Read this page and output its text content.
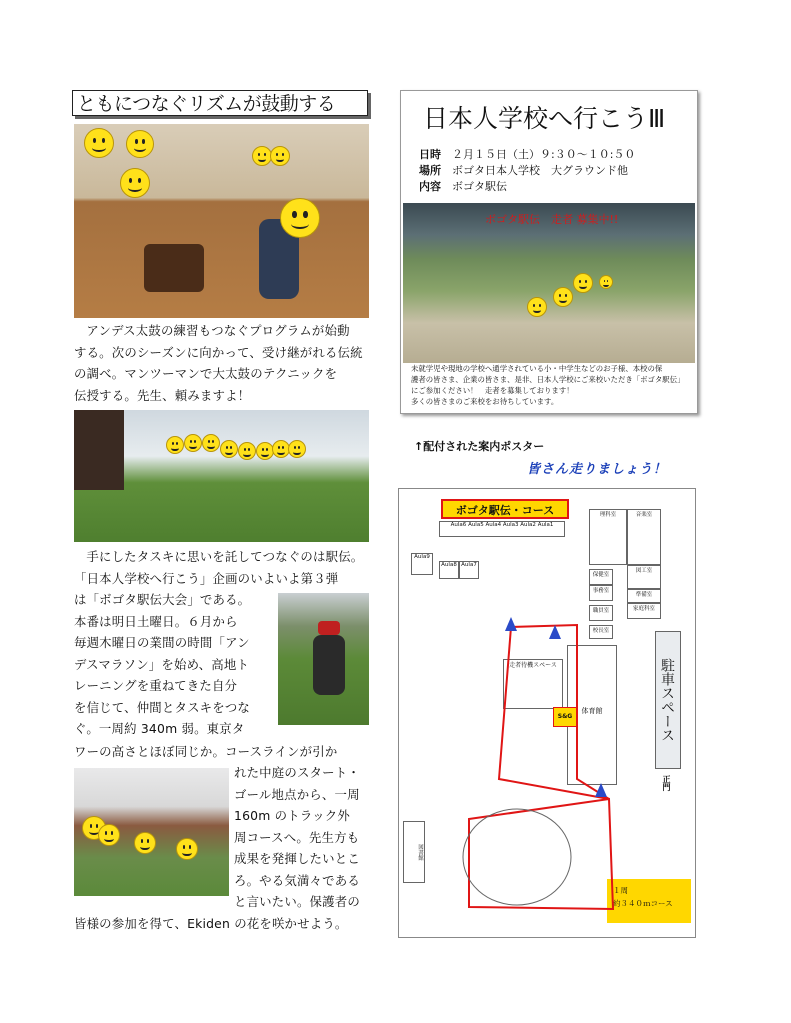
ともにつなぐリズムが鼓動する
アンデス太鼓の練習もつなぐプログラムが始動
する。次のシーズンに向かって、受け継がれる伝統
の調べ。マンツーマンで大太鼓のテクニックを
伝授する。先生、頼みますよ！
手にしたタスキに思いを託してつなぐのは駅伝。
「日本人学校へ行こう」企画のいよいよ第３弾
は「ボゴタ駅伝大会」である。
本番は明日土曜日。６月から
毎週木曜日の業間の時間「アン
デスマラソン」を始め、高地ト
レーニングを重ねてきた自分
を信じて、仲間とタスキをつな
ぐ。一周約 340m 弱。東京タ
ワーの高さとほぼ同じか。コースラインが引か
れた中庭のスタート・
ゴール地点から、一周
160m のトラック外
周コースへ。先生方も
成果を発揮したいとこ
ろ。やる気満々である
と言いたい。保護者の
皆様の参加を得て、Ekiden の花を咲かせよう。
日本人学校へ行こうⅢ
日時　 ２月１５日（土）９:３０〜１０:５０
場所　 ボゴタ日本人学校　大グラウンド他
内容　 ボゴタ駅伝
ボゴタ駅伝　走者 募集中!!
未就学児や現地の学校へ通学されている小・中学生などのお子様、本校の保
護者の皆さま、企業の皆さま、是非、日本人学校にご来校いただき「ボゴタ駅伝」
にご参加ください！　走者を募集しております！
多くの皆さまのご来校をお待ちしています。
↑配付された案内ポスター
皆さん走りましょう！
ボゴタ駅伝・コース
Aula6 Aula5 Aula4 Aula3 Aula2 Aula1
Aula9
Aula8 Aula7
理科室	音楽室
図工室
準備室
家庭科室
保健室
事務室
職員室
校長室
図書館
走者待機スペース
体育館
S&G	駐車スペース
正門
１周
約３４０ｍコース
